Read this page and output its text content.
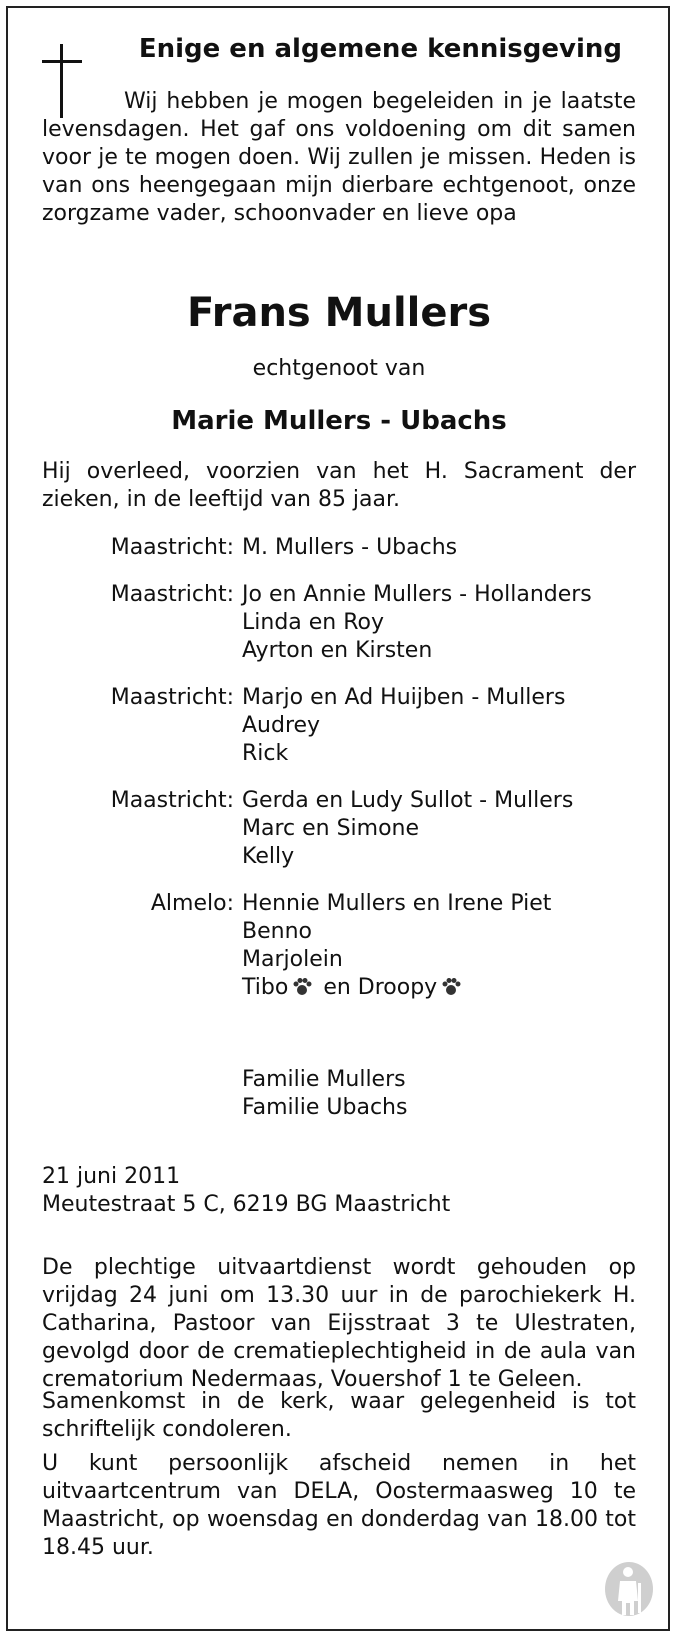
Enige en algemene kennisgeving

Wij hebben je mogen begeleiden in je laatste levensdagen. Het gaf ons voldoening om dit samen voor je te mogen doen. Wij zullen je missen. Heden is van ons heengegaan mijn dierbare echtgenoot, onze zorgzame vader, schoonvader en lieve opa

Frans Mullers
echtgenoot van
Marie Mullers - Ubachs

Hij overleed, voorzien van het H. Sacrament der zieken, in de leeftijd van 85 jaar.

Maastricht: M. Mullers - Ubachs
Maastricht: Jo en Annie Mullers - Hollanders
Linda en Roy
Ayrton en Kirsten
Maastricht: Marjo en Ad Huijben - Mullers
Audrey
Rick
Maastricht: Gerda en Ludy Sullot - Mullers
Marc en Simone
Kelly
Almelo: Hennie Mullers en Irene Piet
Benno
Marjolein
Tibo en Droopy
Familie Mullers
Familie Ubachs
21 juni 2011
Meutestraat 5 C, 6219 BG Maastricht

De plechtige uitvaartdienst wordt gehouden op vrijdag 24 juni om 13.30 uur in de parochiekerk H. Catharina, Pastoor van Eijsstraat 3 te Ulestraten, gevolgd door de crematieplechtigheid in de aula van crematorium Nedermaas, Vouershof 1 te Geleen.

Samenkomst in de kerk, waar gelegenheid is tot schriftelijk condoleren.

U kunt persoonlijk afscheid nemen in het uitvaartcentrum van DELA, Oostermaasweg 10 te Maastricht, op woensdag en donderdag van 18.00 tot 18.45 uur.
